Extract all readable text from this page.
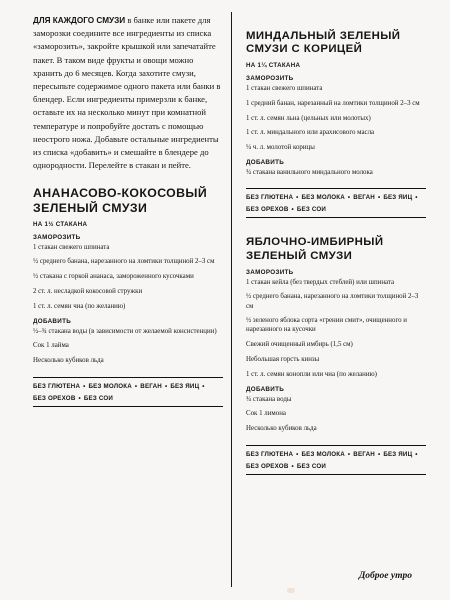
ДЛЯ КАЖДОГО СМУЗИ в банке или пакете для заморозки соедините все ингредиенты из списка «заморозить», закройте крышкой или запечатайте пакет. В таком виде фрукты и овощи можно хранить до 6 месяцев. Когда захотите смузи, пересыпьте содержимое одного пакета или банки в блендер. Если ингредиенты примерзли к банке, оставьте их на несколько минут при комнатной температуре и попробуйте достать с помощью неострого ножа. Добавьте остальные ингредиенты из списка «добавить» и смешайте в блендере до однородности. Перелейте в стакан и пейте.

АНАНАСОВО-КОКОСОВЫЙ
ЗЕЛЕНЫЙ СМУЗИ
НА 1½ СТАКАНА
ЗАМОРОЗИТЬ

1 стакан свежего шпината

½ среднего банана, нарезанного на ломтики толщиной 2–3 см

½ стакана с горкой ананаса, замороженного кусочками

2 ст. л. несладкой кокосовой стружки

1 ст. л. семян чиа (по желанию)

ДОБАВИТЬ

½–¾ стакана воды (в зависимости от желаемой консистенции)

Сок 1 лайма

Несколько кубиков льда

БЕЗ ГЛЮТЕНА • БЕЗ МОЛОКА • ВЕГАН • БЕЗ ЯИЦ •
БЕЗ ОРЕХОВ • БЕЗ СОИ
МИНДАЛЬНЫЙ ЗЕЛЕНЫЙ
СМУЗИ С КОРИЦЕЙ
НА 1¼ СТАКАНА
ЗАМОРОЗИТЬ

1 стакан свежего шпината

1 средний банан, нарезанный на ломтики толщиной 2–3 см

1 ст. л. семян льна (цельных или молотых)

1 ст. л. миндального или арахисового масла

¼ ч. л. молотой корицы

ДОБАВИТЬ

¾ стакана ванильного миндального молока

БЕЗ ГЛЮТЕНА • БЕЗ МОЛОКА • ВЕГАН • БЕЗ ЯИЦ •
БЕЗ ОРЕХОВ • БЕЗ СОИ
ЯБЛОЧНО-ИМБИРНЫЙ
ЗЕЛЕНЫЙ СМУЗИ
ЗАМОРОЗИТЬ

1 стакан кейла (без твердых стеблей) или шпината

½ среднего банана, нарезанного на ломтики толщиной 2–3 см

½ зеленого яблока сорта «грении смит», очищенного и нарезанного на кусочки

Свежий очищенный имбирь (1,5 см)

Небольшая горсть кинзы

1 ст. л. семян конопли или чиа (по желанию)

ДОБАВИТЬ

¾ стакана воды

Сок 1 лимона

Несколько кубиков льда

БЕЗ ГЛЮТЕНА • БЕЗ МОЛОКА • ВЕГАН • БЕЗ ЯИЦ •
БЕЗ ОРЕХОВ • БЕЗ СОИ
Доброе утро
